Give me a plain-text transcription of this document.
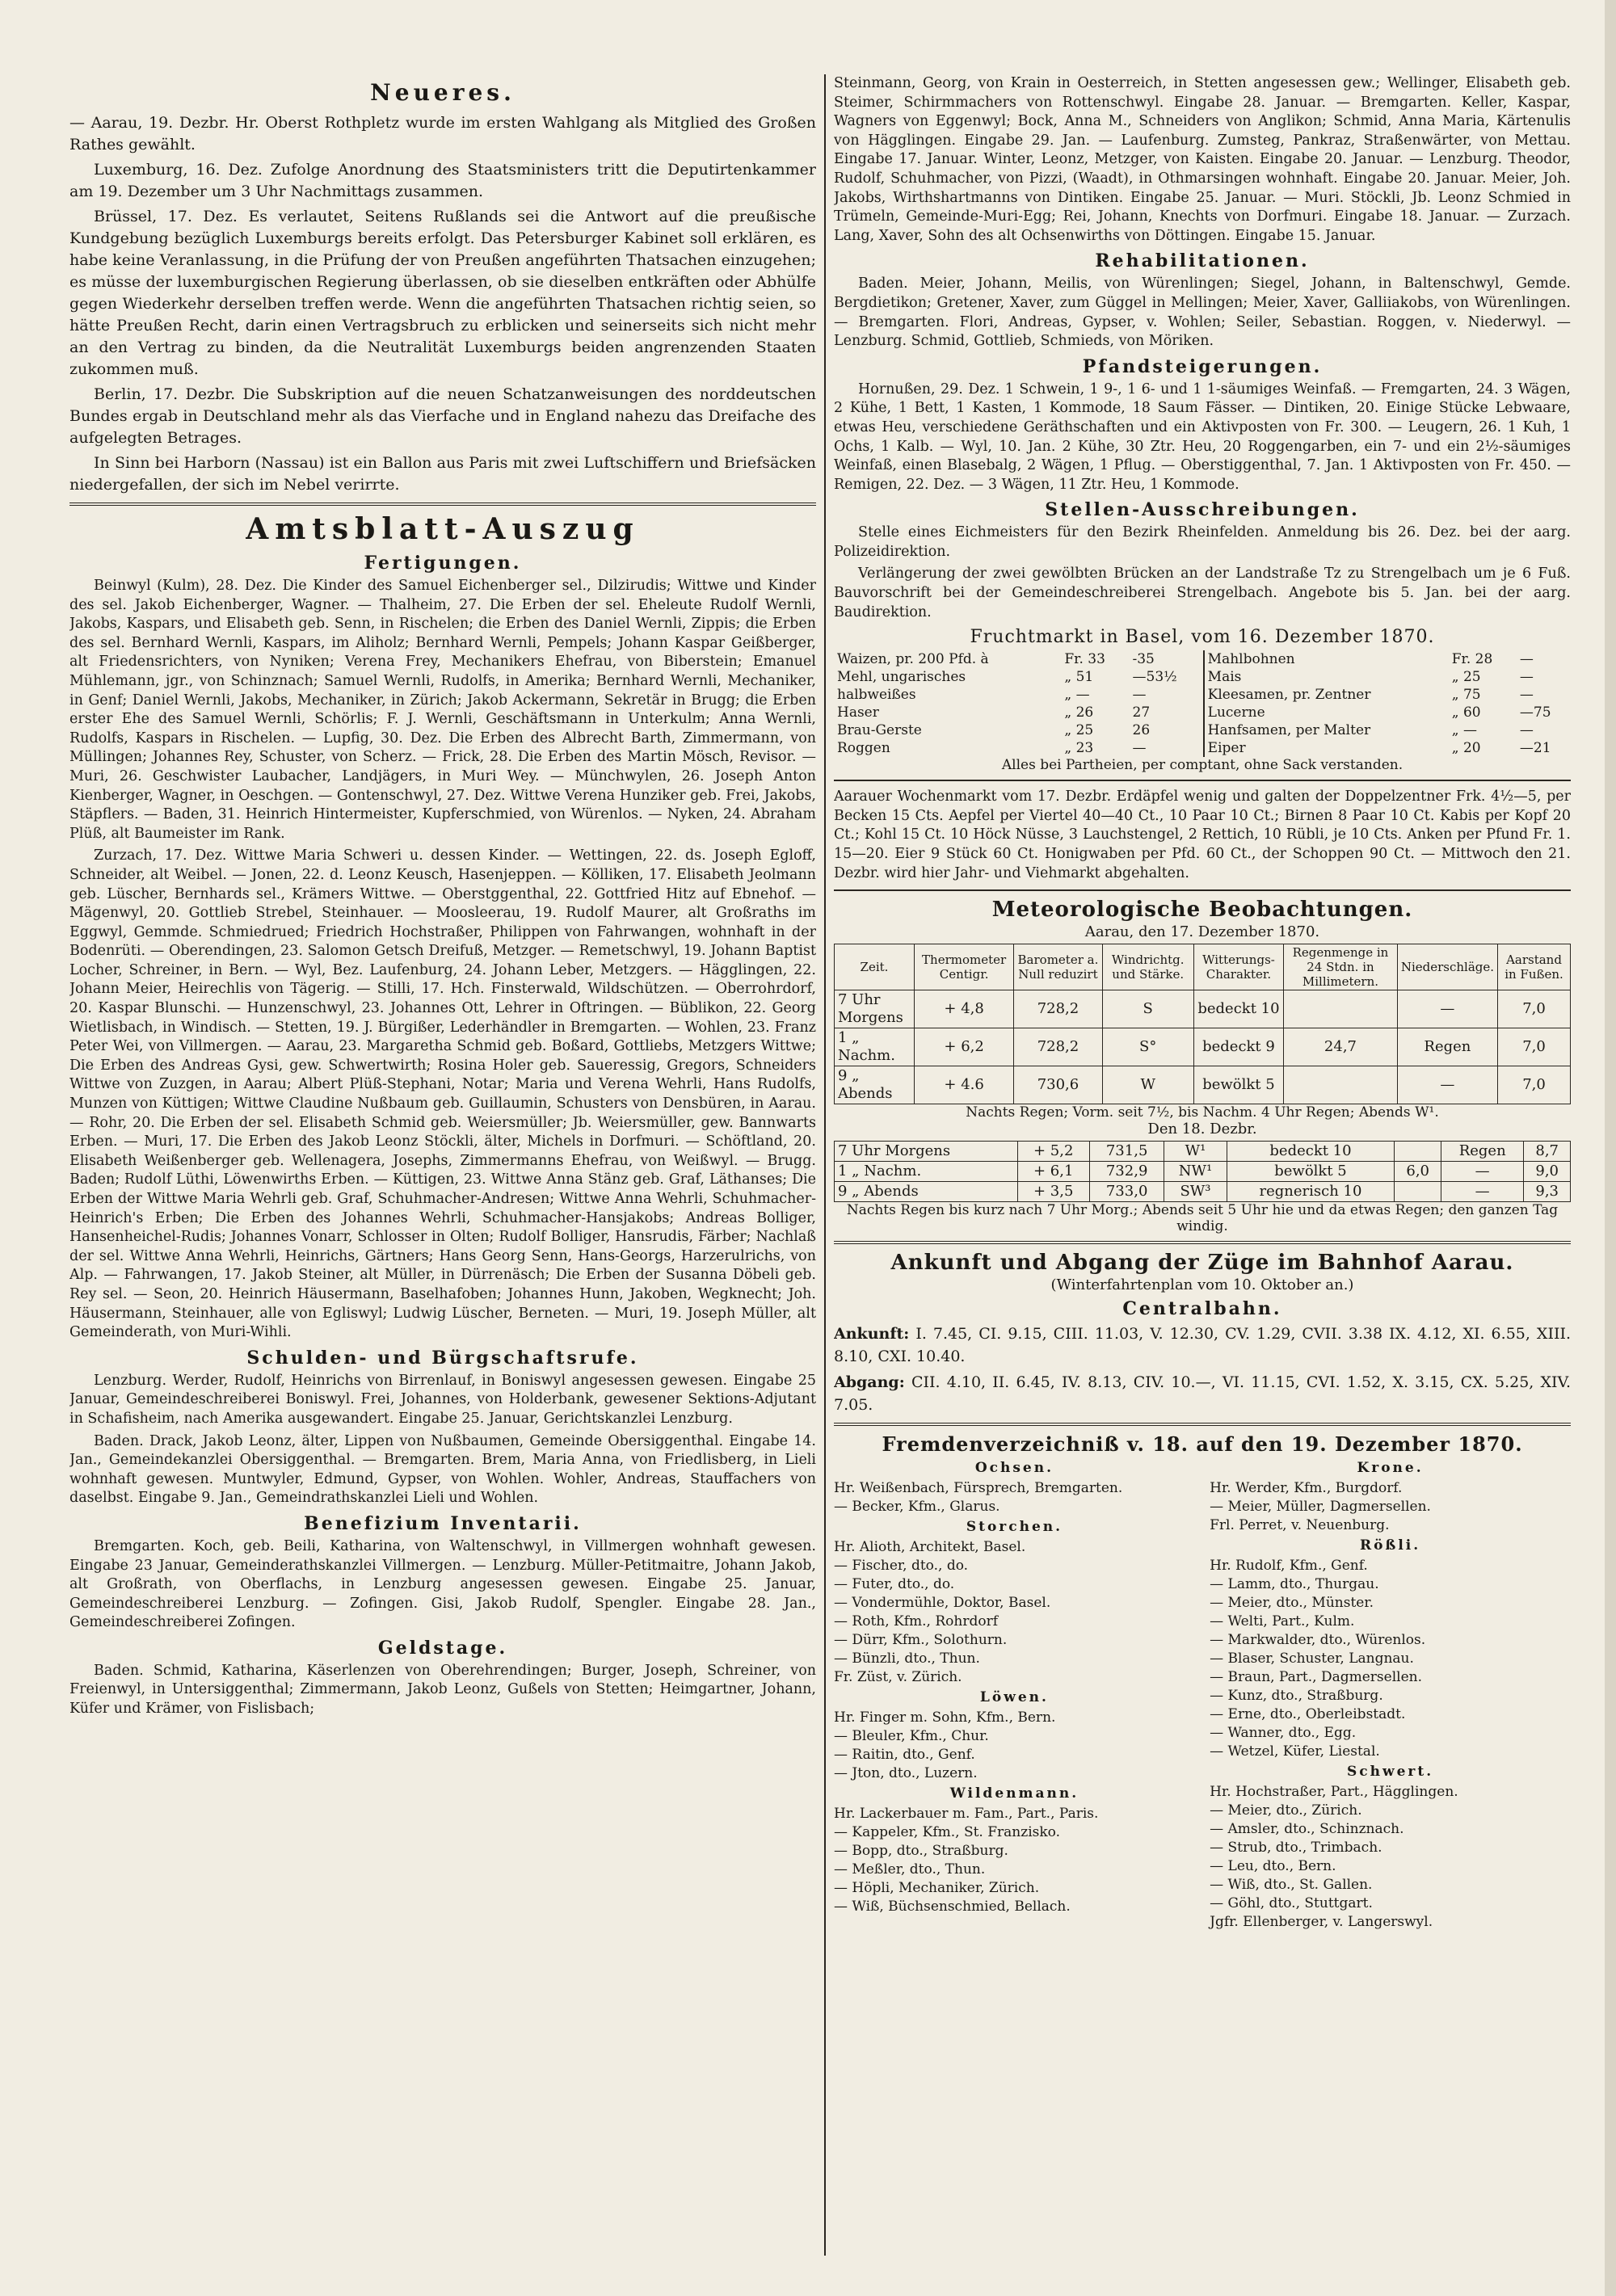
Neueres.

— Aarau, 19. Dezbr. Hr. Oberst Rothpletz wurde im ersten Wahlgang als Mitglied des Großen Rathes gewählt.

Luxemburg, 16. Dez. Zufolge Anordnung des Staatsministers tritt die Deputirtenkammer am 19. Dezember um 3 Uhr Nachmittags zusammen.

Brüssel, 17. Dez. Es verlautet, Seitens Rußlands sei die Antwort auf die preußische Kundgebung bezüglich Luxemburgs bereits erfolgt. Das Petersburger Kabinet soll erklären, es habe keine Veranlassung, in die Prüfung der von Preußen angeführten Thatsachen einzugehen; es müsse der luxemburgischen Regierung überlassen, ob sie dieselben entkräften oder Abhülfe gegen Wiederkehr derselben treffen werde. Wenn die angeführten Thatsachen richtig seien, so hätte Preußen Recht, darin einen Vertragsbruch zu erblicken und seinerseits sich nicht mehr an den Vertrag zu binden, da die Neutralität Luxemburgs beiden angrenzenden Staaten zukommen muß.

Berlin, 17. Dezbr. Die Subskription auf die neuen Schatzanweisungen des norddeutschen Bundes ergab in Deutschland mehr als das Vierfache und in England nahezu das Dreifache des aufgelegten Betrages.

In Sinn bei Harborn (Nassau) ist ein Ballon aus Paris mit zwei Luftschiffern und Briefsäcken niedergefallen, der sich im Nebel verirrte.

Amtsblatt-Auszug
Fertigungen.

Beinwyl (Kulm), 28. Dez. Die Kinder des Samuel Eichenberger sel., Dilzirudis; Wittwe und Kinder des sel. Jakob Eichenberger, Wagner. — Thalheim, 27. Die Erben der sel. Eheleute Rudolf Wernli, Jakobs, Kaspars, und Elisabeth geb. Senn, in Rischelen; die Erben des Daniel Wernli, Zippis; die Erben des sel. Bernhard Wernli, Kaspars, im Aliholz; Bernhard Wernli, Pempels; Johann Kaspar Geißberger, alt Friedensrichters, von Nyniken; Verena Frey, Mechanikers Ehefrau, von Biberstein; Emanuel Mühlemann, jgr., von Schinznach; Samuel Wernli, Rudolfs, in Amerika; Bernhard Wernli, Mechaniker, in Genf; Daniel Wernli, Jakobs, Mechaniker, in Zürich; Jakob Ackermann, Sekretär in Brugg; die Erben erster Ehe des Samuel Wernli, Schörlis; F. J. Wernli, Geschäftsmann in Unterkulm; Anna Wernli, Rudolfs, Kaspars in Rischelen. — Lupfig, 30. Dez. Die Erben des Albrecht Barth, Zimmermann, von Müllingen; Johannes Rey, Schuster, von Scherz. — Frick, 28. Die Erben des Martin Mösch, Revisor. — Muri, 26. Geschwister Laubacher, Landjägers, in Muri Wey. — Münchwylen, 26. Joseph Anton Kienberger, Wagner, in Oeschgen. — Gontenschwyl, 27. Dez. Wittwe Verena Hunziker geb. Frei, Jakobs, Stäpflers. — Baden, 31. Heinrich Hintermeister, Kupferschmied, von Würenlos. — Nyken, 24. Abraham Plüß, alt Baumeister im Rank.

Zurzach, 17. Dez. Wittwe Maria Schweri u. dessen Kinder. — Wettingen, 22. ds. Joseph Egloff, Schneider, alt Weibel. — Jonen, 22. d. Leonz Keusch, Hasenjeppen. — Kölliken, 17. Elisabeth Jeolmann geb. Lüscher, Bernhards sel., Krämers Wittwe. — Oberstggenthal, 22. Gottfried Hitz auf Ebnehof. — Mägenwyl, 20. Gottlieb Strebel, Steinhauer. — Moosleerau, 19. Rudolf Maurer, alt Großraths im Eggwyl, Gemmde. Schmiedrued; Friedrich Hochstraßer, Philippen von Fahrwangen, wohnhaft in der Bodenrüti. — Oberendingen, 23. Salomon Getsch Dreifuß, Metzger. — Remetschwyl, 19. Johann Baptist Locher, Schreiner, in Bern. — Wyl, Bez. Laufenburg, 24. Johann Leber, Metzgers. — Hägglingen, 22. Johann Meier, Heirechlis von Tägerig. — Stilli, 17. Hch. Finsterwald, Wildschützen. — Oberrohrdorf, 20. Kaspar Blunschi. — Hunzenschwyl, 23. Johannes Ott, Lehrer in Oftringen. — Büblikon, 22. Georg Wietlisbach, in Windisch. — Stetten, 19. J. Bürgißer, Lederhändler in Bremgarten. — Wohlen, 23. Franz Peter Wei, von Villmergen. — Aarau, 23. Margaretha Schmid geb. Boßard, Gottliebs, Metzgers Wittwe; Die Erben des Andreas Gysi, gew. Schwertwirth; Rosina Holer geb. Saueressig, Gregors, Schneiders Wittwe von Zuzgen, in Aarau; Albert Plüß-Stephani, Notar; Maria und Verena Wehrli, Hans Rudolfs, Munzen von Küttigen; Wittwe Claudine Nußbaum geb. Guillaumin, Schusters von Densbüren, in Aarau. — Rohr, 20. Die Erben der sel. Elisabeth Schmid geb. Weiersmüller; Jb. Weiersmüller, gew. Bannwarts Erben. — Muri, 17. Die Erben des Jakob Leonz Stöckli, älter, Michels in Dorfmuri. — Schöftland, 20. Elisabeth Weißenberger geb. Wellenagera, Josephs, Zimmermanns Ehefrau, von Weißwyl. — Brugg. Baden; Rudolf Lüthi, Löwenwirths Erben. — Küttigen, 23. Wittwe Anna Stänz geb. Graf, Läthanses; Die Erben der Wittwe Maria Wehrli geb. Graf, Schuhmacher-Andresen; Wittwe Anna Wehrli, Schuhmacher-Heinrich's Erben; Die Erben des Johannes Wehrli, Schuhmacher-Hansjakobs; Andreas Bolliger, Hansenheichel-Rudis; Johannes Vonarr, Schlosser in Olten; Rudolf Bolliger, Hansrudis, Färber; Nachlaß der sel. Wittwe Anna Wehrli, Heinrichs, Gärtners; Hans Georg Senn, Hans-Georgs, Harzerulrichs, von Alp. — Fahrwangen, 17. Jakob Steiner, alt Müller, in Dürrenäsch; Die Erben der Susanna Döbeli geb. Rey sel. — Seon, 20. Heinrich Häusermann, Baselhafoben; Johannes Hunn, Jakoben, Wegknecht; Joh. Häusermann, Steinhauer, alle von Egliswyl; Ludwig Lüscher, Berneten. — Muri, 19. Joseph Müller, alt Gemeinderath, von Muri-Wihli.

Schulden- und Bürgschaftsrufe.

Lenzburg. Werder, Rudolf, Heinrichs von Birrenlauf, in Boniswyl angesessen gewesen. Eingabe 25 Januar, Gemeindeschreiberei Boniswyl. Frei, Johannes, von Holderbank, gewesener Sektions-Adjutant in Schafisheim, nach Amerika ausgewandert. Eingabe 25. Januar, Gerichtskanzlei Lenzburg.

Baden. Drack, Jakob Leonz, älter, Lippen von Nußbaumen, Gemeinde Obersiggenthal. Eingabe 14. Jan., Gemeindekanzlei Obersiggenthal. — Bremgarten. Brem, Maria Anna, von Friedlisberg, in Lieli wohnhaft gewesen. Muntwyler, Edmund, Gypser, von Wohlen. Wohler, Andreas, Stauffachers von daselbst. Eingabe 9. Jan., Gemeindrathskanzlei Lieli und Wohlen.

Benefizium Inventarii.

Bremgarten. Koch, geb. Beili, Katharina, von Waltenschwyl, in Villmergen wohnhaft gewesen. Eingabe 23 Januar, Gemeinderathskanzlei Villmergen. — Lenzburg. Müller-Petitmaitre, Johann Jakob, alt Großrath, von Oberflachs, in Lenzburg angesessen gewesen. Eingabe 25. Januar, Gemeindeschreiberei Lenzburg. — Zofingen. Gisi, Jakob Rudolf, Spengler. Eingabe 28. Jan., Gemeindeschreiberei Zofingen.

Geldstage.

Baden. Schmid, Katharina, Käserlenzen von Oberehrendingen; Burger, Joseph, Schreiner, von Freienwyl, in Untersiggenthal; Zimmermann, Jakob Leonz, Gußels von Stetten; Heimgartner, Johann, Küfer und Krämer, von Fislisbach;

Steinmann, Georg, von Krain in Oesterreich, in Stetten angesessen gew.; Wellinger, Elisabeth geb. Steimer, Schirmmachers von Rottenschwyl. Eingabe 28. Januar. — Bremgarten. Keller, Kaspar, Wagners von Eggenwyl; Bock, Anna M., Schneiders von Anglikon; Schmid, Anna Maria, Kärtenulis von Hägglingen. Eingabe 29. Jan. — Laufenburg. Zumsteg, Pankraz, Straßenwärter, von Mettau. Eingabe 17. Januar. Winter, Leonz, Metzger, von Kaisten. Eingabe 20. Januar. — Lenzburg. Theodor, Rudolf, Schuhmacher, von Pizzi, (Waadt), in Othmarsingen wohnhaft. Eingabe 20. Januar. Meier, Joh. Jakobs, Wirthshartmanns von Dintiken. Eingabe 25. Januar. — Muri. Stöckli, Jb. Leonz Schmied in Trümeln, Gemeinde-Muri-Egg; Rei, Johann, Knechts von Dorfmuri. Eingabe 18. Januar. — Zurzach. Lang, Xaver, Sohn des alt Ochsenwirths von Döttingen. Eingabe 15. Januar.

Rehabilitationen.

Baden. Meier, Johann, Meilis, von Würenlingen; Siegel, Johann, in Baltenschwyl, Gemde. Bergdietikon; Gretener, Xaver, zum Güggel in Mellingen; Meier, Xaver, Galliiakobs, von Würenlingen. — Bremgarten. Flori, Andreas, Gypser, v. Wohlen; Seiler, Sebastian. Roggen, v. Niederwyl. — Lenzburg. Schmid, Gottlieb, Schmieds, von Möriken.

Pfandsteigerungen.

Hornußen, 29. Dez. 1 Schwein, 1 9-, 1 6- und 1 1-säumiges Weinfaß. — Fremgarten, 24. 3 Wägen, 2 Kühe, 1 Bett, 1 Kasten, 1 Kommode, 18 Saum Fässer. — Dintiken, 20. Einige Stücke Lebwaare, etwas Heu, verschiedene Geräthschaften und ein Aktivposten von Fr. 300. — Leugern, 26. 1 Kuh, 1 Ochs, 1 Kalb. — Wyl, 10. Jan. 2 Kühe, 30 Ztr. Heu, 20 Roggengarben, ein 7- und ein 2½-säumiges Weinfaß, einen Blasebalg, 2 Wägen, 1 Pflug. — Oberstiggenthal, 7. Jan. 1 Aktivposten von Fr. 450. — Remigen, 22. Dez. — 3 Wägen, 11 Ztr. Heu, 1 Kommode.

Stellen-Ausschreibungen.

Stelle eines Eichmeisters für den Bezirk Rheinfelden. Anmeldung bis 26. Dez. bei der aarg. Polizeidirektion.

Verlängerung der zwei gewölbten Brücken an der Landstraße Tz zu Strengelbach um je 6 Fuß. Bauvorschrift bei der Gemeindeschreiberei Strengelbach. Angebote bis 5. Jan. bei der aarg. Baudirektion.

Fruchtmarkt in Basel, vom 16. Dezember 1870.
Waizen, pr. 200 Pfd. à	Fr. 33	-35	Mahlbohnen	Fr. 28	—
Mehl, ungarisches	„ 51	—53½	Mais	„ 25	—
halbweißes	„ —	—	Kleesamen, pr. Zentner	„ 75	—
Haser	„ 26	27	Lucerne	„ 60	—75
Brau-Gerste	„ 25	26	Hanfsamen, per Malter	„ —	—
Roggen	„ 23	—	Eiper	„ 20	—21
Alles bei Partheien, per comptant, ohne Sack verstanden.

Aarauer Wochenmarkt vom 17. Dezbr. Erdäpfel wenig und galten der Doppelzentner Frk. 4½—5, per Becken 15 Cts. Aepfel per Viertel 40—40 Ct., 10 Paar 10 Ct.; Birnen 8 Paar 10 Ct. Kabis per Kopf 20 Ct.; Kohl 15 Ct. 10 Höck Nüsse, 3 Lauchstengel, 2 Rettich, 10 Rübli, je 10 Cts. Anken per Pfund Fr. 1. 15—20. Eier 9 Stück 60 Ct. Honigwaben per Pfd. 60 Ct., der Schoppen 90 Ct. — Mittwoch den 21. Dezbr. wird hier Jahr- und Viehmarkt abgehalten.

Meteorologische Beobachtungen.
Aarau, den 17. Dezember 1870.
Zeit.	Thermometer Centigr.	Barometer a. Null reduzirt	Windrichtg. und Stärke.	Witterungs-Charakter.	Regenmenge in 24 Stdn. in Millimetern.	Niederschläge.	Aarstand in Fußen.
7 Uhr Morgens	+ 4,8	728,2	S	bedeckt 10		—	7,0
1 „ Nachm.	+ 6,2	728,2	S°	bedeckt 9	24,7	Regen	7,0
9 „ Abends	+ 4.6	730,6	W	bewölkt 5		—	7,0
Nachts Regen; Vorm. seit 7½, bis Nachm. 4 Uhr Regen; Abends W¹.
Den 18. Dezbr.
7 Uhr Morgens	+ 5,2	731,5	W¹	bedeckt 10		Regen	8,7
1 „ Nachm.	+ 6,1	732,9	NW¹	bewölkt 5	6,0	—	9,0
9 „ Abends	+ 3,5	733,0	SW³	regnerisch 10		—	9,3
Nachts Regen bis kurz nach 7 Uhr Morg.; Abends seit 5 Uhr hie und da etwas Regen; den ganzen Tag windig.
Ankunft und Abgang der Züge im Bahnhof Aarau.
(Winterfahrtenplan vom 10. Oktober an.)
Centralbahn.

Ankunft: I. 7.45, CI. 9.15, CIII. 11.03, V. 12.30, CV. 1.29, CVII. 3.38 IX. 4.12, XI. 6.55, XIII. 8.10, CXI. 10.40.

Abgang: CII. 4.10, II. 6.45, IV. 8.13, CIV. 10.—, VI. 11.15, CVI. 1.52, X. 3.15, CX. 5.25, XIV. 7.05.

Fremdenverzeichniß v. 18. auf den 19. Dezember 1870.
Ochsen.
Hr. Weißenbach, Fürsprech, Bremgarten.
— Becker, Kfm., Glarus.
Storchen.
Hr. Alioth, Architekt, Basel.
— Fischer, dto., do.
— Futer, dto., do.
— Vondermühle, Doktor, Basel.
— Roth, Kfm., Rohrdorf
— Dürr, Kfm., Solothurn.
— Bünzli, dto., Thun.
Fr. Züst, v. Zürich.
Löwen.
Hr. Finger m. Sohn, Kfm., Bern.
— Bleuler, Kfm., Chur.
— Raitin, dto., Genf.
— Jton, dto., Luzern.
Wildenmann.
Hr. Lackerbauer m. Fam., Part., Paris.
— Kappeler, Kfm., St. Franzisko.
— Bopp, dto., Straßburg.
— Meßler, dto., Thun.
— Höpli, Mechaniker, Zürich.
— Wiß, Büchsenschmied, Bellach.
Krone.
Hr. Werder, Kfm., Burgdorf.
— Meier, Müller, Dagmersellen.
Frl. Perret, v. Neuenburg.
Rößli.
Hr. Rudolf, Kfm., Genf.
— Lamm, dto., Thurgau.
— Meier, dto., Münster.
— Welti, Part., Kulm.
— Markwalder, dto., Würenlos.
— Blaser, Schuster, Langnau.
— Braun, Part., Dagmersellen.
— Kunz, dto., Straßburg.
— Erne, dto., Oberleibstadt.
— Wanner, dto., Egg.
— Wetzel, Küfer, Liestal.
Schwert.
Hr. Hochstraßer, Part., Hägglingen.
— Meier, dto., Zürich.
— Amsler, dto., Schinznach.
— Strub, dto., Trimbach.
— Leu, dto., Bern.
— Wiß, dto., St. Gallen.
— Göhl, dto., Stuttgart.
Jgfr. Ellenberger, v. Langerswyl.
